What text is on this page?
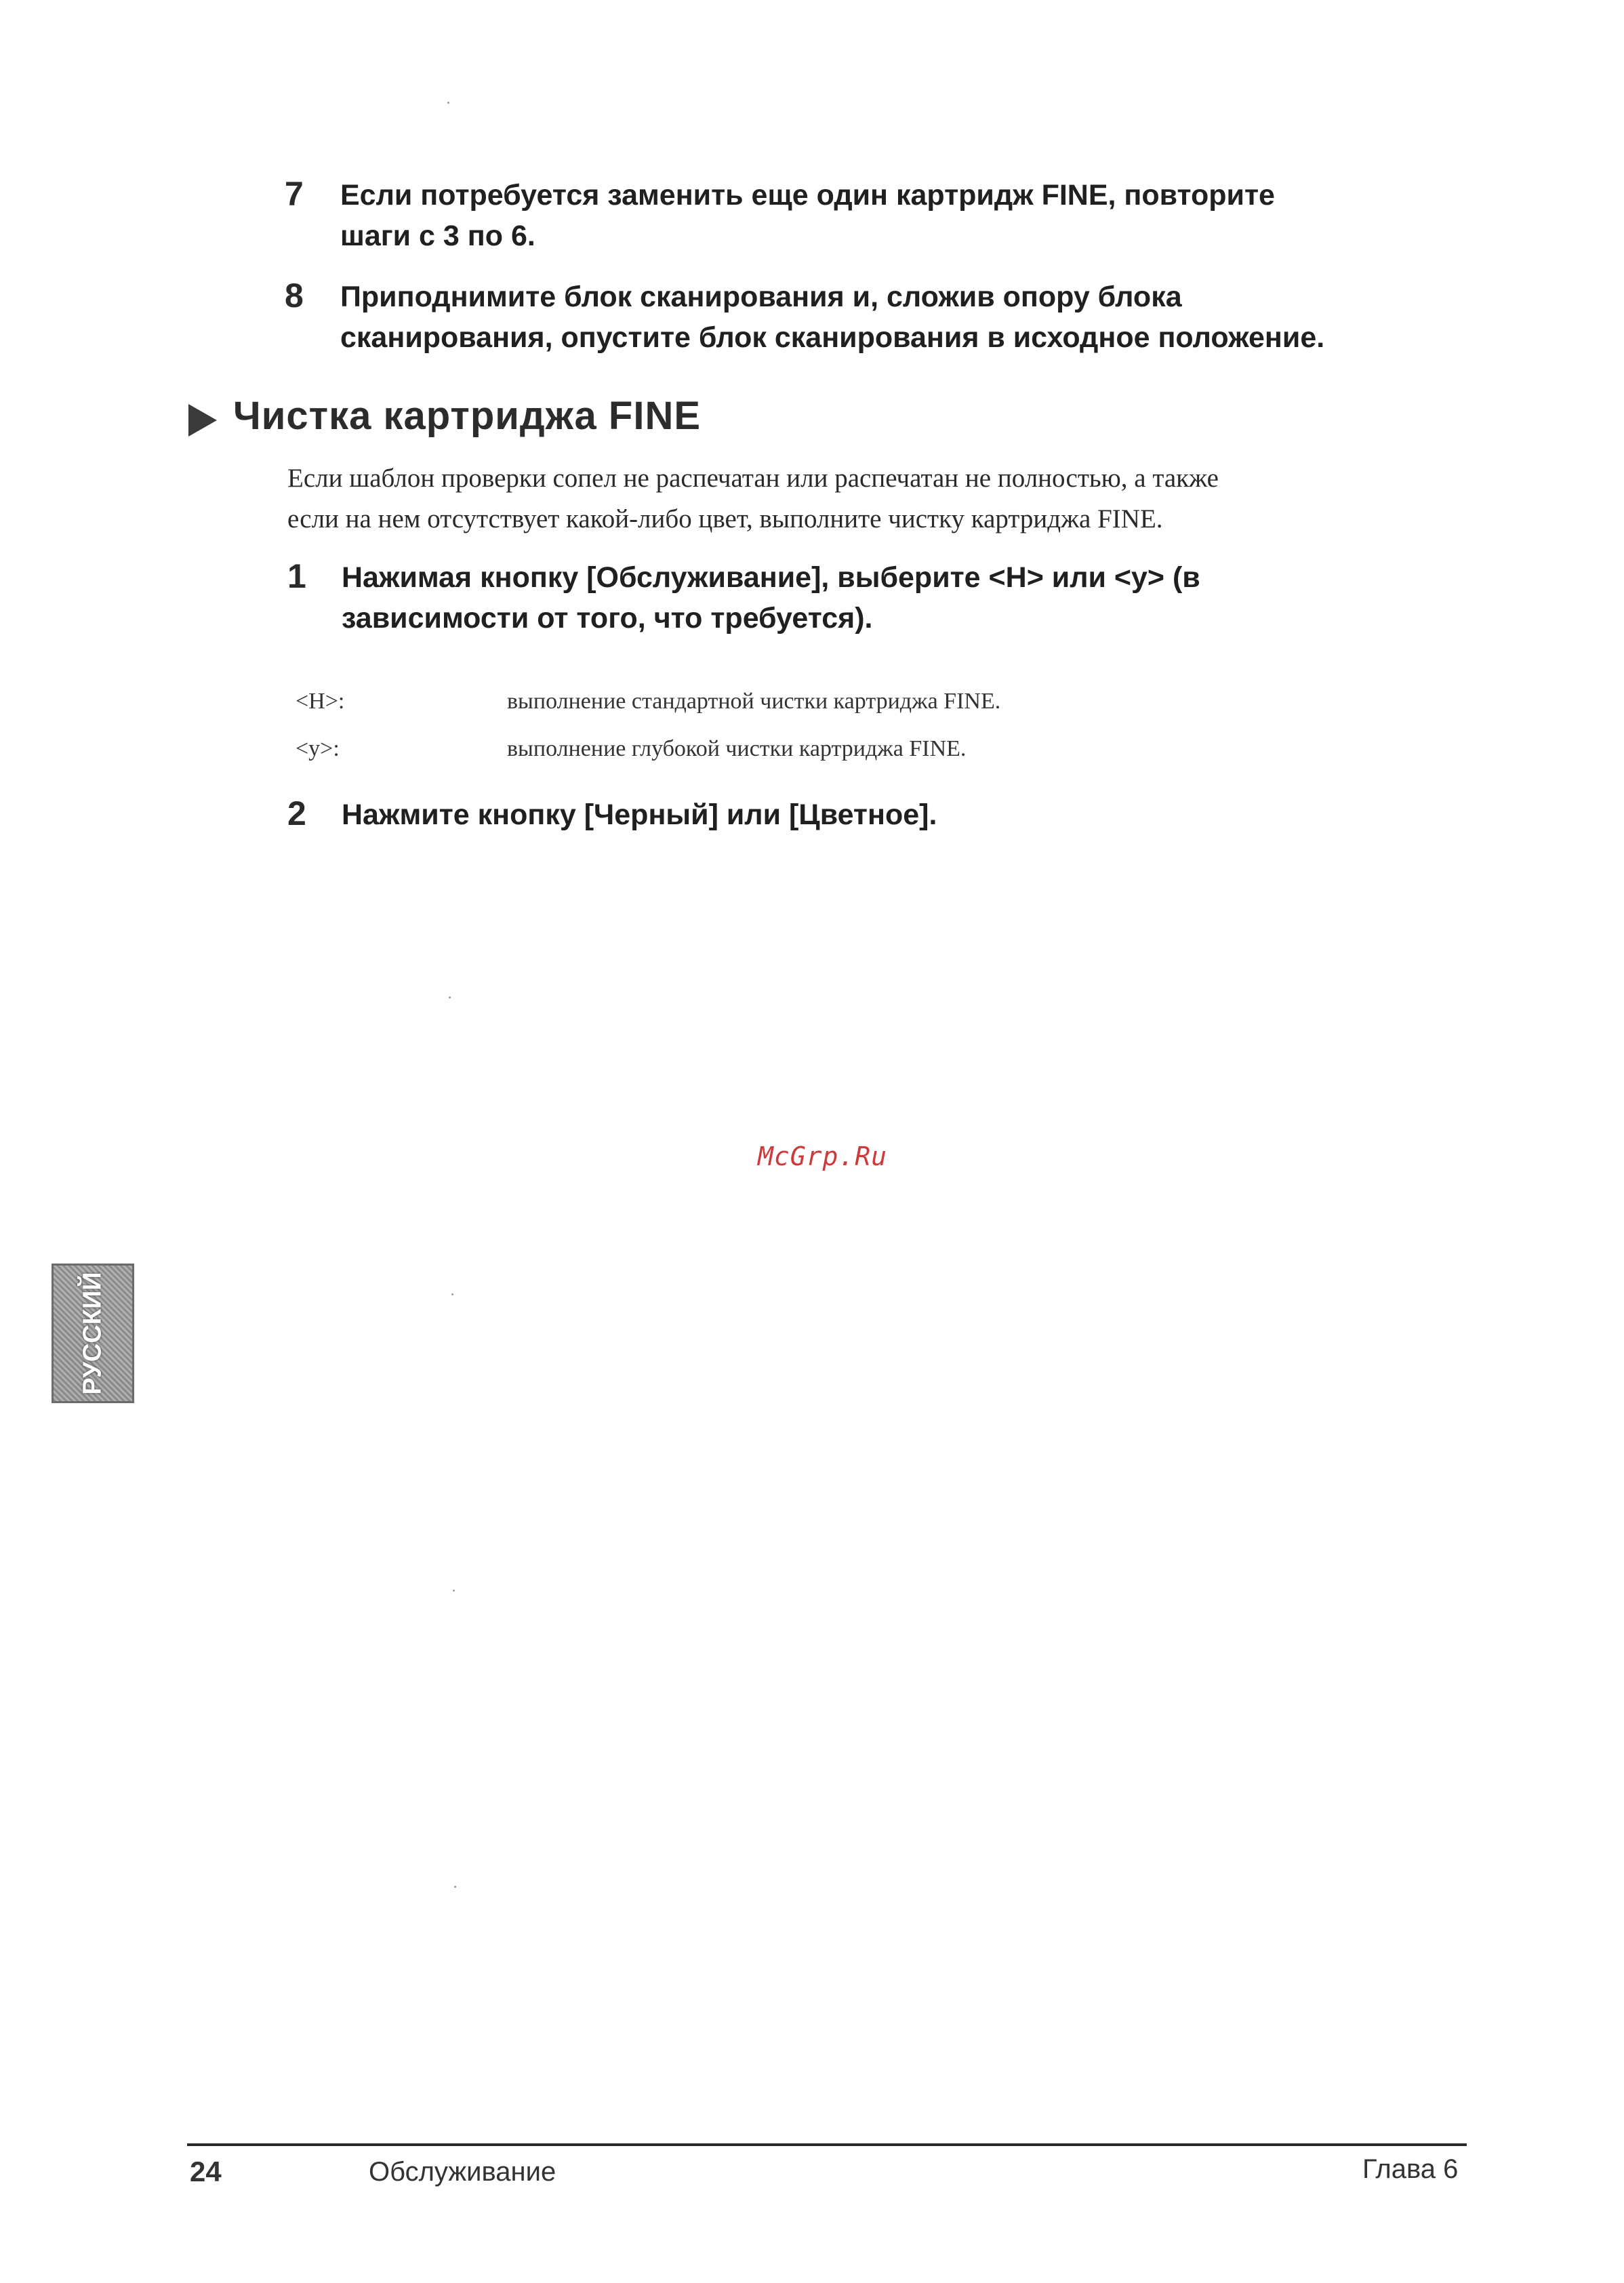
7 Если потребуется заменить еще один картридж FINE, повторите
шаги с 3 по 6.
8 Приподнимите блок сканирования и, сложив опору блока
сканирования, опустите блок сканирования в исходное положение.
Чистка картриджа FINE
Если шаблон проверки сопел не распечатан или распечатан не полностью, а также
если на нем отсутствует какой-либо цвет, выполните чистку картриджа FINE.
1 Нажимая кнопку [Обслуживание], выберите <H> или <y> (в
зависимости от того, что требуется).
<H>:	выполнение стандартной чистки картриджа FINE.
<y>:	выполнение глубокой чистки картриджа FINE.
2 Нажмите кнопку [Черный] или [Цветное].
McGrp.Ru
РУССКИЙ
24	Обслуживание	Глава 6
